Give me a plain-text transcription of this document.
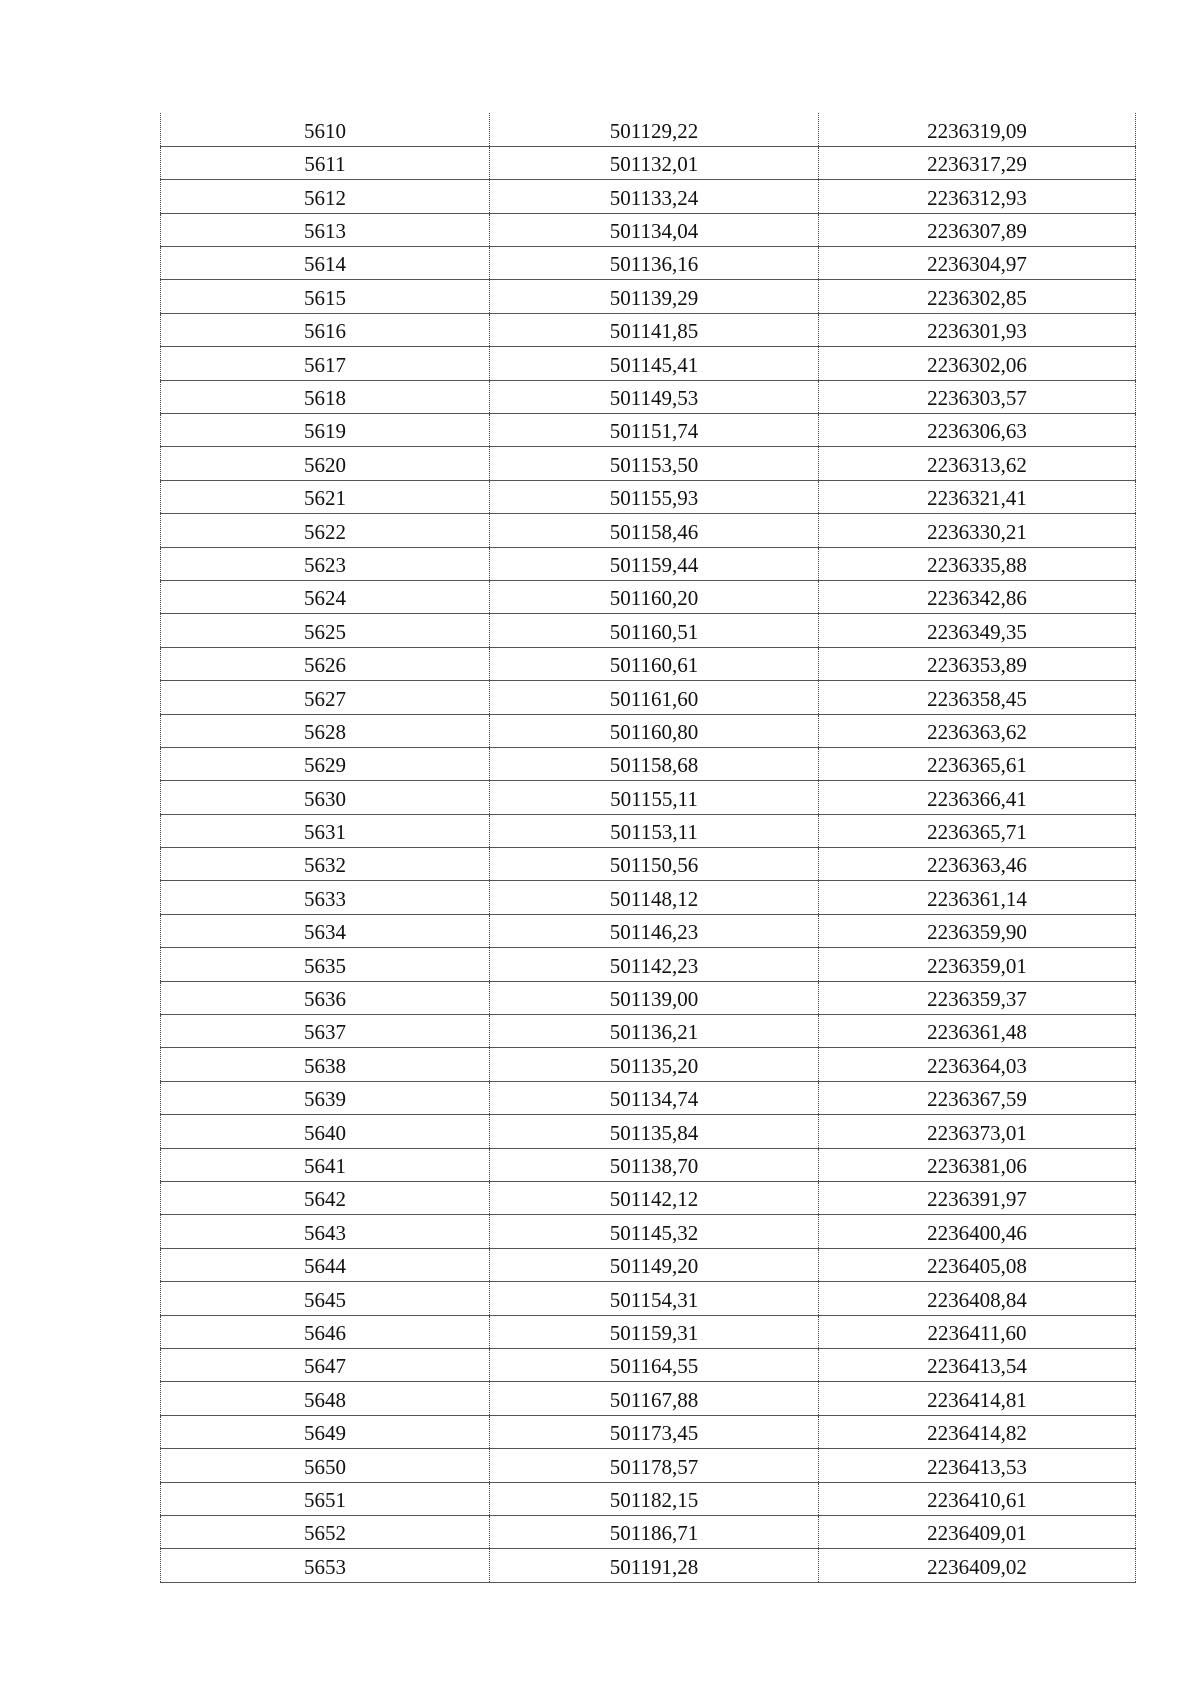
5610	501129,22	2236319,09
5611	501132,01	2236317,29
5612	501133,24	2236312,93
5613	501134,04	2236307,89
5614	501136,16	2236304,97
5615	501139,29	2236302,85
5616	501141,85	2236301,93
5617	501145,41	2236302,06
5618	501149,53	2236303,57
5619	501151,74	2236306,63
5620	501153,50	2236313,62
5621	501155,93	2236321,41
5622	501158,46	2236330,21
5623	501159,44	2236335,88
5624	501160,20	2236342,86
5625	501160,51	2236349,35
5626	501160,61	2236353,89
5627	501161,60	2236358,45
5628	501160,80	2236363,62
5629	501158,68	2236365,61
5630	501155,11	2236366,41
5631	501153,11	2236365,71
5632	501150,56	2236363,46
5633	501148,12	2236361,14
5634	501146,23	2236359,90
5635	501142,23	2236359,01
5636	501139,00	2236359,37
5637	501136,21	2236361,48
5638	501135,20	2236364,03
5639	501134,74	2236367,59
5640	501135,84	2236373,01
5641	501138,70	2236381,06
5642	501142,12	2236391,97
5643	501145,32	2236400,46
5644	501149,20	2236405,08
5645	501154,31	2236408,84
5646	501159,31	2236411,60
5647	501164,55	2236413,54
5648	501167,88	2236414,81
5649	501173,45	2236414,82
5650	501178,57	2236413,53
5651	501182,15	2236410,61
5652	501186,71	2236409,01
5653	501191,28	2236409,02
